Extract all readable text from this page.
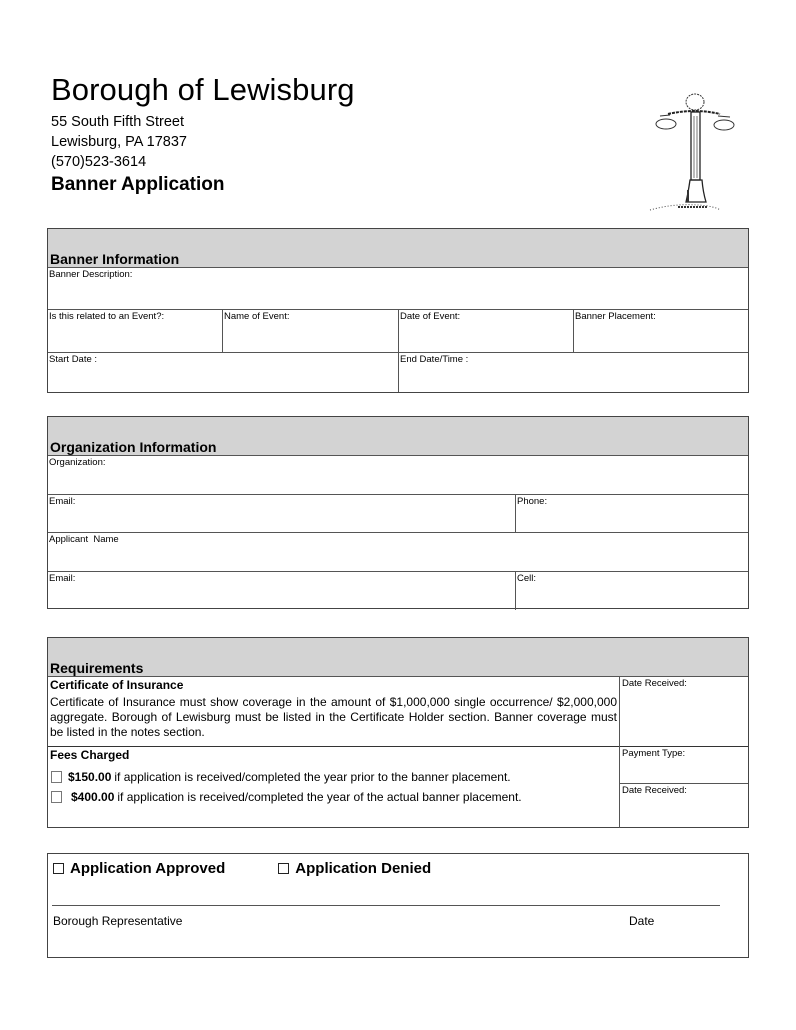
Borough of Lewisburg
55 South Fifth Street
Lewisburg, PA 17837
(570)523-3614
Banner Application
Banner Information
Banner Description:
Is this related to an Event?:	Name of Event:	Date of Event:	Banner Placement:
Start Date :	End Date/Time :
Organization Information
Organization:
Email:	Phone:
Applicant  Name
Email:	Cell:
Requirements
Certificate of Insurance
Certificate of Insurance must show coverage in the amount of $1,000,000 single occurrence/ $2,000,000 aggregate. Borough of Lewisburg must be listed in the Certificate Holder section. Banner coverage must be listed in the notes section.
Fees Charged
$150.00 if application is received/completed the year prior to the banner placement.
$400.00 if application is received/completed the year of the actual banner placement.
Date Received:
Payment Type:
Date Received:
Application Approved	Application Denied
Borough Representative	Date
